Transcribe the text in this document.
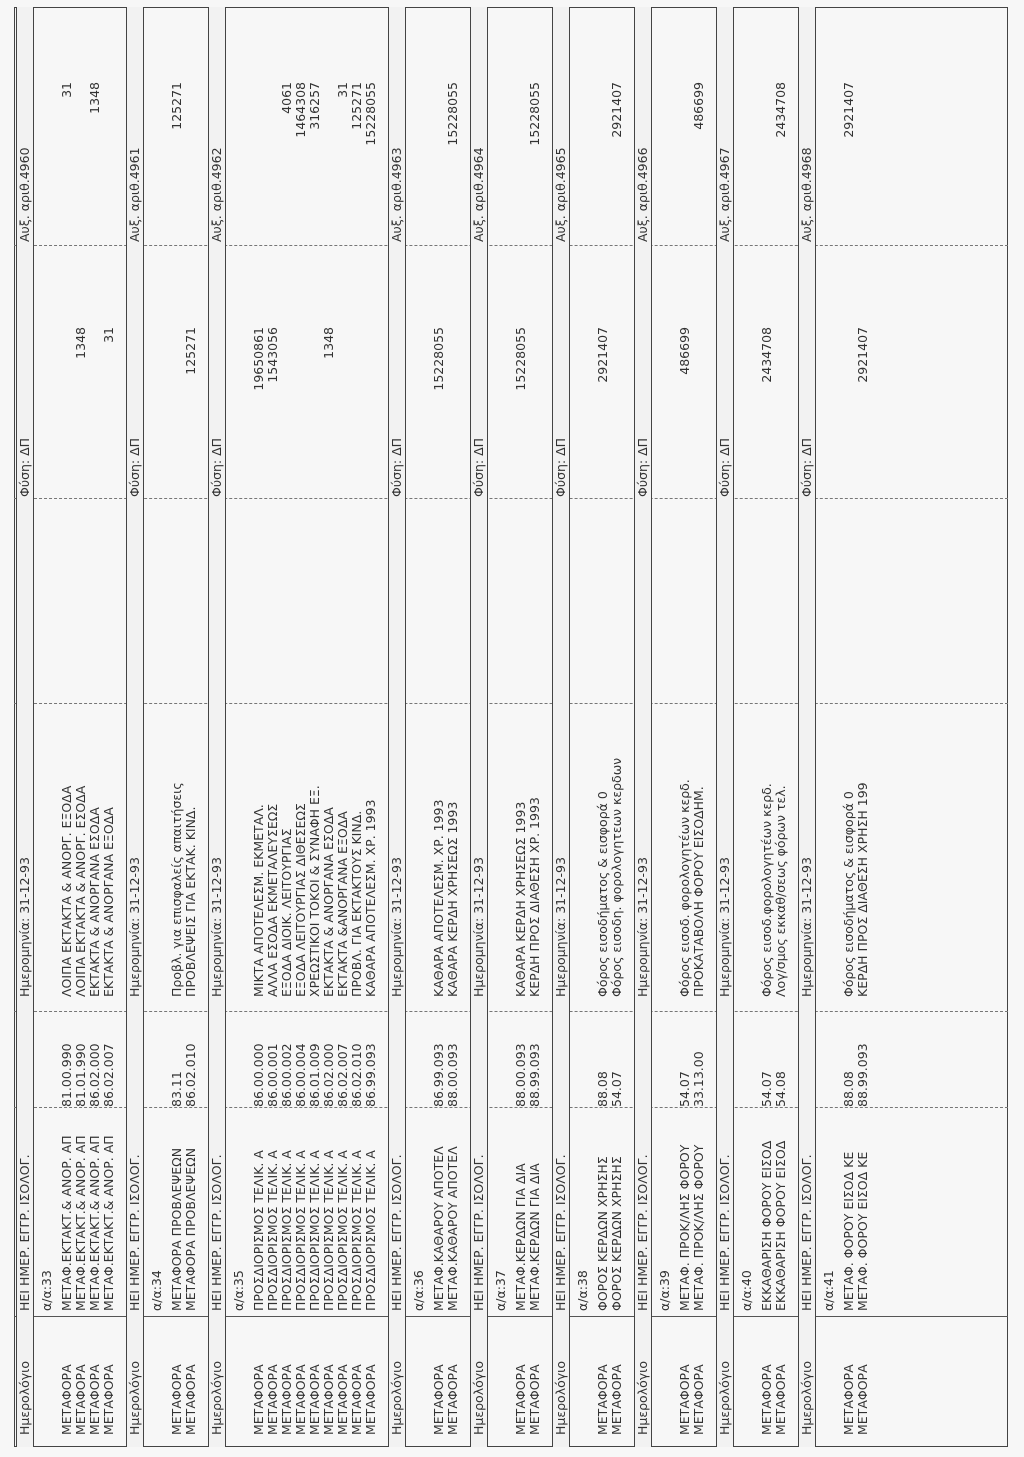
Ημερολόγιο
ΗΕΙ ΗΜΕΡ. ΕΓΓΡ. ΙΣΟΛΟΓ.
Ημερομηνία: 31-12-93
Φύση: ΔΠ
Αυξ. αριθ.4960
α/α:33
ΜΕΤΑΦΟΡΑ
ΜΕΤΑΦ.ΕΚΤΑΚΤ.& ΑΝΟΡ. ΑΠ
81.00.990
ΛΟΙΠΑ ΕΚΤΑΚΤΑ & ΑΝΟΡΓ. ΕΞΟΔΑ
31
ΜΕΤΑΦΟΡΑ
ΜΕΤΑΦ.ΕΚΤΑΚΤ.& ΑΝΟΡ. ΑΠ
81.01.990
ΛΟΙΠΑ ΕΚΤΑΚΤΑ & ΑΝΟΡΓ. ΕΣΟΔΑ
1348
ΜΕΤΑΦΟΡΑ
ΜΕΤΑΦ.ΕΚΤΑΚΤ.& ΑΝΟΡ. ΑΠ
86.02.000
ΕΚΤΑΚΤΑ & ΑΝΟΡΓΑΝΑ ΕΣΟΔΑ
1348
ΜΕΤΑΦΟΡΑ
ΜΕΤΑΦ.ΕΚΤΑΚΤ.& ΑΝΟΡ. ΑΠ
86.02.007
ΕΚΤΑΚΤΑ & ΑΝΟΡΓΑΝΑ ΕΞΟΔΑ
31
Ημερολόγιο
ΗΕΙ ΗΜΕΡ. ΕΓΓΡ. ΙΣΟΛΟΓ.
Ημερομηνία: 31-12-93
Φύση: ΔΠ
Αυξ. αριθ.4961
α/α:34
ΜΕΤΑΦΟΡΑ
ΜΕΤΑΦΟΡΑ ΠΡΟΒΛΕΨΕΩΝ
83.11
Προβλ. για επισφαλείς απαιτήσεις
125271
ΜΕΤΑΦΟΡΑ
ΜΕΤΑΦΟΡΑ ΠΡΟΒΛΕΨΕΩΝ
86.02.010
ΠΡΟΒΛΕΨΕΙΣ ΓΙΑ ΕΚΤΑΚ. ΚΙΝΔ.
125271
Ημερολόγιο
ΗΕΙ ΗΜΕΡ. ΕΓΓΡ. ΙΣΟΛΟΓ.
Ημερομηνία: 31-12-93
Φύση: ΔΠ
Αυξ. αριθ.4962
α/α:35
ΜΕΤΑΦΟΡΑ
ΠΡΟΣΔΙΟΡΙΣΜΟΣ ΤΕΛΙΚ. Α
86.00.000
ΜΙΚΤΑ ΑΠΟΤΕΛΕΣΜ. ΕΚΜΕΤΑΛ.
19650861
ΜΕΤΑΦΟΡΑ
ΠΡΟΣΔΙΟΡΙΣΜΟΣ ΤΕΛΙΚ. Α
86.00.001
ΑΛΛΑ ΕΣΟΔΑ ΕΚΜΕΤΑΛΕΥΣΕΩΣ
1543056
ΜΕΤΑΦΟΡΑ
ΠΡΟΣΔΙΟΡΙΣΜΟΣ ΤΕΛΙΚ. Α
86.00.002
ΕΞΟΔΑ ΔΙΟΙΚ. ΛΕΙΤΟΥΡΓΙΑΣ
4061
ΜΕΤΑΦΟΡΑ
ΠΡΟΣΔΙΟΡΙΣΜΟΣ ΤΕΛΙΚ. Α
86.00.004
ΕΞΟΔΑ ΛΕΙΤΟΥΡΓΙΑΣ ΔΙΘΕΣΕΩΣ
1464308
ΜΕΤΑΦΟΡΑ
ΠΡΟΣΔΙΟΡΙΣΜΟΣ ΤΕΛΙΚ. Α
86.01.009
ΧΡΕΩΣΤΙΚΟΙ ΤΟΚΟΙ & ΣΥΝΑΦΗ ΕΞ.
316257
ΜΕΤΑΦΟΡΑ
ΠΡΟΣΔΙΟΡΙΣΜΟΣ ΤΕΛΙΚ. Α
86.02.000
ΕΚΤΑΚΤΑ & ΑΝΟΡΓΑΝΑ ΕΣΟΔΑ
1348
ΜΕΤΑΦΟΡΑ
ΠΡΟΣΔΙΟΡΙΣΜΟΣ ΤΕΛΙΚ. Α
86.02.007
ΕΚΤΑΚΤΑ &ΑΝΟΡΓΑΝΑ ΕΞΟΔΑ
31
ΜΕΤΑΦΟΡΑ
ΠΡΟΣΔΙΟΡΙΣΜΟΣ ΤΕΛΙΚ. Α
86.02.010
ΠΡΟΒΛ. ΓΙΑ ΕΚΤΑΚΤΟΥΣ ΚΙΝΔ.
125271
ΜΕΤΑΦΟΡΑ
ΠΡΟΣΔΙΟΡΙΣΜΟΣ ΤΕΛΙΚ. Α
86.99.093
ΚΑΘΑΡΑ ΑΠΟΤΕΛΕΣΜ. ΧΡ. 1993
15228055
Ημερολόγιο
ΗΕΙ ΗΜΕΡ. ΕΓΓΡ. ΙΣΟΛΟΓ.
Ημερομηνία: 31-12-93
Φύση: ΔΠ
Αυξ. αριθ.4963
α/α:36
ΜΕΤΑΦΟΡΑ
ΜΕΤΑΦ.ΚΑΘΑΡΟΥ ΑΠΟΤΕΛ
86.99.093
ΚΑΘΑΡΑ ΑΠΟΤΕΛΕΣΜ. ΧΡ. 1993
15228055
ΜΕΤΑΦΟΡΑ
ΜΕΤΑΦ.ΚΑΘΑΡΟΥ ΑΠΟΤΕΛ
88.00.093
ΚΑΘΑΡΑ ΚΕΡΔΗ ΧΡΗΣΕΩΣ 1993
15228055
Ημερολόγιο
ΗΕΙ ΗΜΕΡ. ΕΓΓΡ. ΙΣΟΛΟΓ.
Ημερομηνία: 31-12-93
Φύση: ΔΠ
Αυξ. αριθ.4964
α/α:37
ΜΕΤΑΦΟΡΑ
ΜΕΤΑΦ.ΚΕΡΔΩΝ ΓΙΑ ΔΙΑ
88.00.093
ΚΑΘΑΡΑ ΚΕΡΔΗ ΧΡΗΣΕΩΣ 1993
15228055
ΜΕΤΑΦΟΡΑ
ΜΕΤΑΦ.ΚΕΡΔΩΝ ΓΙΑ ΔΙΑ
88.99.093
ΚΕΡΔΗ ΠΡΟΣ ΔΙΑΘΕΣΗ ΧΡ. 1993
15228055
Ημερολόγιο
ΗΕΙ ΗΜΕΡ. ΕΓΓΡ. ΙΣΟΛΟΓ.
Ημερομηνία: 31-12-93
Φύση: ΔΠ
Αυξ. αριθ.4965
α/α:38
ΜΕΤΑΦΟΡΑ
ΦΟΡΟΣ ΚΕΡΔΩΝ ΧΡΗΣΗΣ
88.08
Φόρος εισοδήματος & εισφορά 0
2921407
ΜΕΤΑΦΟΡΑ
ΦΟΡΟΣ ΚΕΡΔΩΝ ΧΡΗΣΗΣ
54.07
Φόρος εισοδη. φορολογητεων κερδων
2921407
Ημερολόγιο
ΗΕΙ ΗΜΕΡ. ΕΓΓΡ. ΙΣΟΛΟΓ.
Ημερομηνία: 31-12-93
Φύση: ΔΠ
Αυξ. αριθ.4966
α/α:39
ΜΕΤΑΦΟΡΑ
ΜΕΤΑΦ. ΠΡΟΚ/ΛΗΣ ΦΟΡΟΥ
54.07
Φόρος εισοδ. φορολογητέων κερδ.
486699
ΜΕΤΑΦΟΡΑ
ΜΕΤΑΦ. ΠΡΟΚ/ΛΗΣ ΦΟΡΟΥ
33.13.00
ΠΡΟΚΑΤΑΒΟΛΗ ΦΟΡΟΥ ΕΙΣΟΔΗΜ.
486699
Ημερολόγιο
ΗΕΙ ΗΜΕΡ. ΕΓΓΡ. ΙΣΟΛΟΓ.
Ημερομηνία: 31-12-93
Φύση: ΔΠ
Αυξ. αριθ.4967
α/α:40
ΜΕΤΑΦΟΡΑ
ΕΚΚΑΘΑΡΙΣΗ ΦΟΡΟΥ ΕΙΣΟΔ
54.07
Φόρος εισοδ.φορολογητέων κερδ.
2434708
ΜΕΤΑΦΟΡΑ
ΕΚΚΑΘΑΡΙΣΗ ΦΟΡΟΥ ΕΙΣΟΔ
54.08
Λογ/σμος εκκαθ/σεως φόρων τελ.
2434708
Ημερολόγιο
ΗΕΙ ΗΜΕΡ. ΕΓΓΡ. ΙΣΟΛΟΓ.
Ημερομηνία: 31-12-93
Φύση: ΔΠ
Αυξ. αριθ.4968
α/α:41
ΜΕΤΑΦΟΡΑ
ΜΕΤΑΦ. ΦΟΡΟΥ ΕΙΣΟΔ ΚΕ
88.08
Φόρος εισοδήματος & εισφορά 0
2921407
ΜΕΤΑΦΟΡΑ
ΜΕΤΑΦ. ΦΟΡΟΥ ΕΙΣΟΔ ΚΕ
88.99.093
ΚΕΡΔΗ ΠΡΟΣ ΔΙΑΘΕΣΗ ΧΡΗΣΗ 199
2921407
